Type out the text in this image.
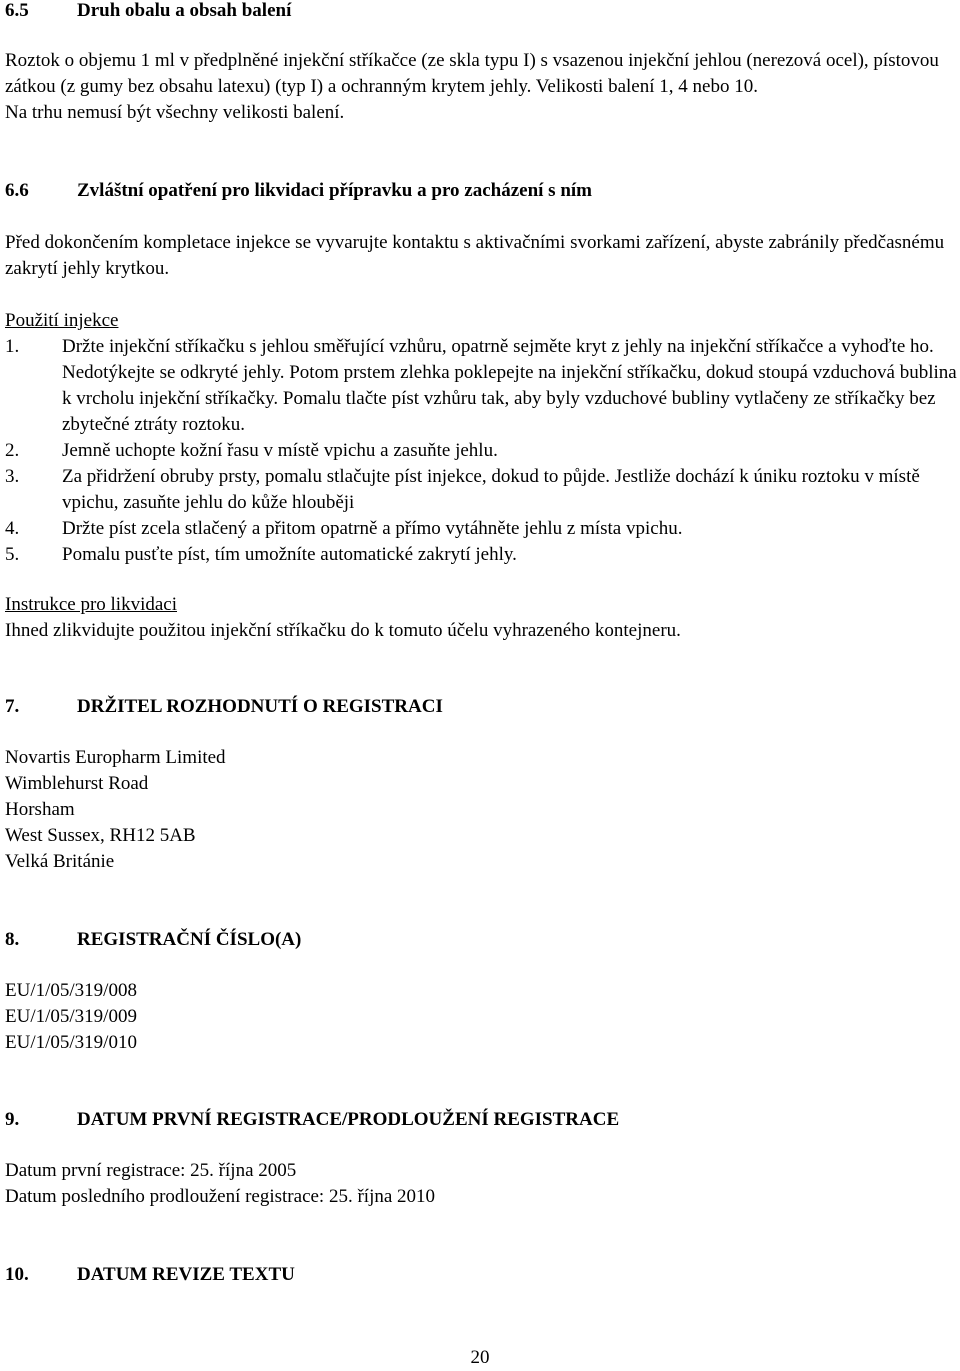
6.5	Druh obalu a obsah balení

Roztok o objemu 1 ml v předplněné injekční stříkačce (ze skla typu I) s vsazenou injekční jehlou (nerezová ocel), pístovou zátkou (z gumy bez obsahu latexu) (typ I) a ochranným krytem jehly. Velikosti balení 1, 4 nebo 10.

Na trhu nemusí být všechny velikosti balení.

6.6	Zvláštní opatření pro likvidaci přípravku a pro zacházení s ním

Před dokončením kompletace injekce se vyvarujte kontaktu s aktivačními svorkami zařízení, abyste zabránily předčasnému zakrytí jehly krytkou.

Použití injekce

1.	Držte injekční stříkačku s jehlou směřující vzhůru, opatrně sejměte kryt z jehly na injekční stříkačce a vyhoďte ho. Nedotýkejte se odkryté jehly. Potom prstem zlehka poklepejte na injekční stříkačku, dokud stoupá vzduchová bublina k vrcholu injekční stříkačky. Pomalu tlačte píst vzhůru tak, aby byly vzduchové bubliny vytlačeny ze stříkačky bez zbytečné ztráty roztoku.
2.	Jemně uchopte kožní řasu v místě vpichu a zasuňte jehlu.
3.	Za přidržení obruby prsty, pomalu stlačujte píst injekce, dokud to půjde. Jestliže dochází k úniku roztoku v místě vpichu, zasuňte jehlu do kůže hlouběji
4.	Držte píst zcela stlačený a přitom opatrně a přímo vytáhněte jehlu z místa vpichu.
5.	Pomalu pusťte píst, tím umožníte automatické zakrytí jehly.

Instrukce pro likvidaci

Ihned zlikvidujte použitou injekční stříkačku do k tomuto účelu vyhrazeného kontejneru.

7.	DRŽITEL ROZHODNUTÍ O REGISTRACI

Novartis Europharm Limited

Wimblehurst Road

Horsham

West Sussex, RH12 5AB

Velká Británie

8.	REGISTRAČNÍ ČÍSLO(A)

EU/1/05/319/008

EU/1/05/319/009

EU/1/05/319/010

9.	DATUM PRVNÍ REGISTRACE/PRODLOUŽENÍ REGISTRACE

Datum první registrace: 25. října 2005

Datum posledního prodloužení registrace: 25. října 2010

10.	DATUM REVIZE TEXTU

20
